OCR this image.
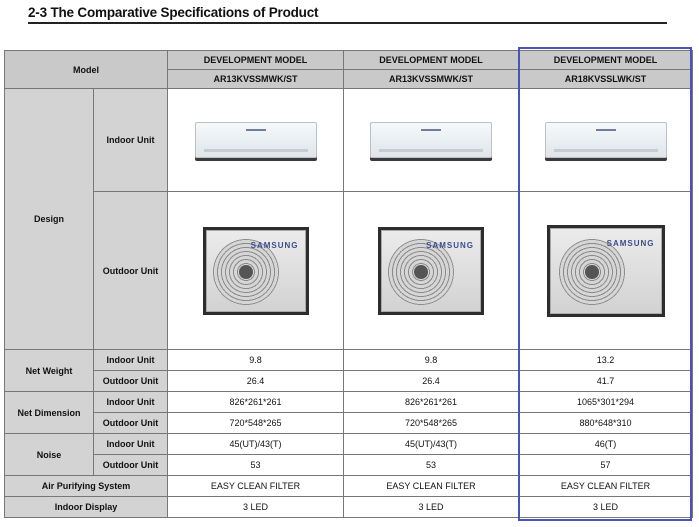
2-3 The Comparative Specifications of Product
Model		DEVELOPMENT MODEL	DEVELOPMENT MODEL	DEVELOPMENT MODEL
		AR13KVSSMWK/ST	AR13KVSSMWK/ST	AR18KVSSLWK/ST
Design	Indoor Unit	

	Outdoor Unit	SAMSUNG	SAMSUNG	SAMSUNG

Net Weight	Indoor Unit	9.8	9.8	13.2
	Outdoor Unit	26.4	26.4	41.7
Net Dimension	Indoor Unit	826*261*261	826*261*261	1065*301*294
	Outdoor Unit	720*548*265	720*548*265	880*648*310
Noise	Indoor Unit	45(UT)/43(T)	45(UT)/43(T)	46(T)
	Outdoor Unit	53	53	57
Air Purifying System		EASY CLEAN FILTER	EASY CLEAN FILTER	EASY CLEAN FILTER
Indoor Display		3 LED	3 LED	3 LED
